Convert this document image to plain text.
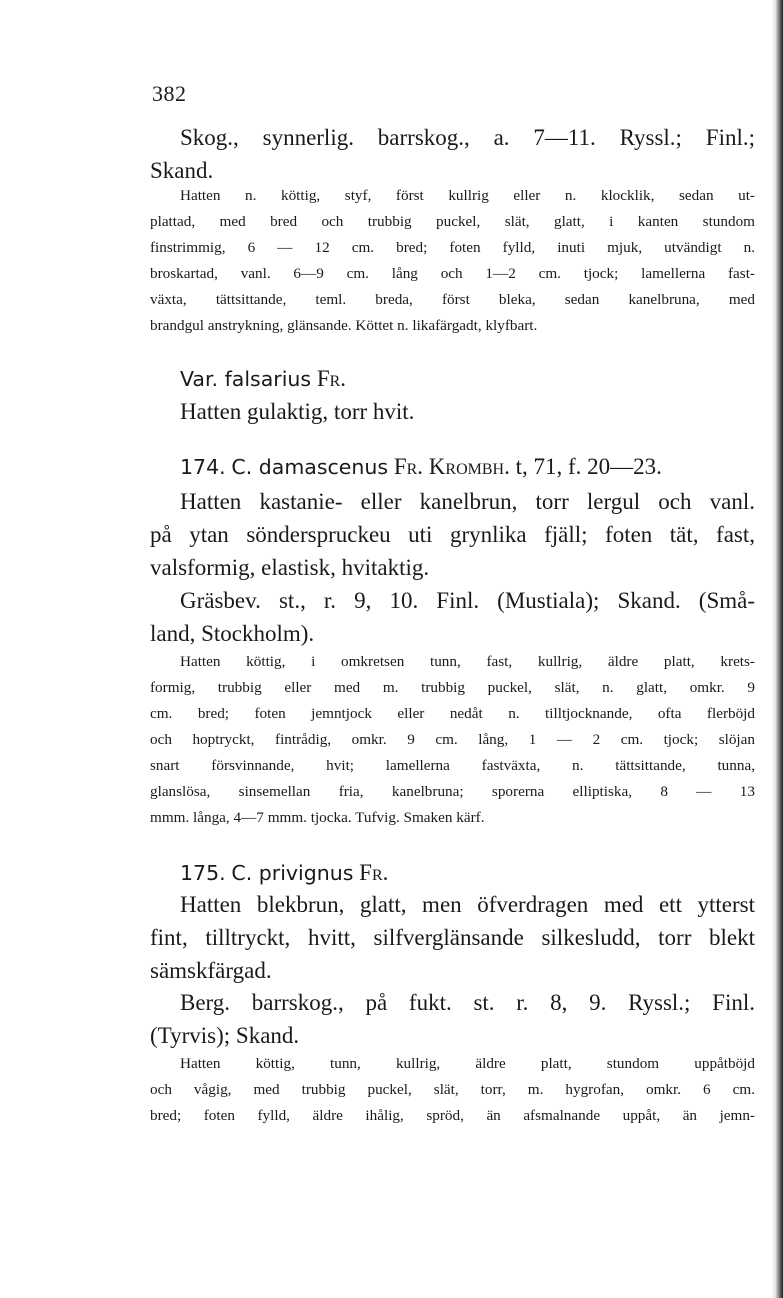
382
Skog., synnerlig. barrskog., a. 7—11. Ryssl.; Finl.;
Skand.
Hatten n. köttig, styf, först kullrig eller n. klocklik, sedan ut-
plattad, med bred och trubbig puckel, slät, glatt, i kanten stundom
finstrimmig, 6 — 12 cm. bred; foten fylld, inuti mjuk, utvändigt n.
broskartad, vanl. 6—9 cm. lång och 1—2 cm. tjock; lamellerna fast-
växta, tättsittande, teml. breda, först bleka, sedan kanelbruna, med
brandgul anstrykning, glänsande. Köttet n. likafärgadt, klyfbart.
Var. falsarius Fr.
Hatten gulaktig, torr hvit.
174. C. damascenus Fr. Krombh. t, 71, f. 20—23.
Hatten kastanie- eller kanelbrun, torr lergul och vanl.
på ytan sönderspruckeu uti grynlika fjäll; foten tät, fast,
valsformig, elastisk, hvitaktig.
Gräsbev. st., r. 9, 10. Finl. (Mustiala); Skand. (Små-
land, Stockholm).
Hatten köttig, i omkretsen tunn, fast, kullrig, äldre platt, krets-
formig, trubbig eller med m. trubbig puckel, slät, n. glatt, omkr. 9
cm. bred; foten jemntjock eller nedåt n. tilltjocknande, ofta flerböjd
och hoptryckt, fintrådig, omkr. 9 cm. lång, 1 — 2 cm. tjock; slöjan
snart försvinnande, hvit; lamellerna fastväxta, n. tättsittande, tunna,
glanslösa, sinsemellan fria, kanelbruna; sporerna elliptiska, 8 — 13
mmm. långa, 4—7 mmm. tjocka. Tufvig. Smaken kärf.
175. C. privignus Fr.
Hatten blekbrun, glatt, men öfverdragen med ett ytterst
fint, tilltryckt, hvitt, silfverglänsande silkesludd, torr blekt
sämskfärgad.
Berg. barrskog., på fukt. st. r. 8, 9. Ryssl.; Finl.
(Tyrvis); Skand.
Hatten köttig, tunn, kullrig, äldre platt, stundom uppåtböjd
och vågig, med trubbig puckel, slät, torr, m. hygrofan, omkr. 6 cm.
bred; foten fylld, äldre ihålig, spröd, än afsmalnande uppåt, än jemn-
